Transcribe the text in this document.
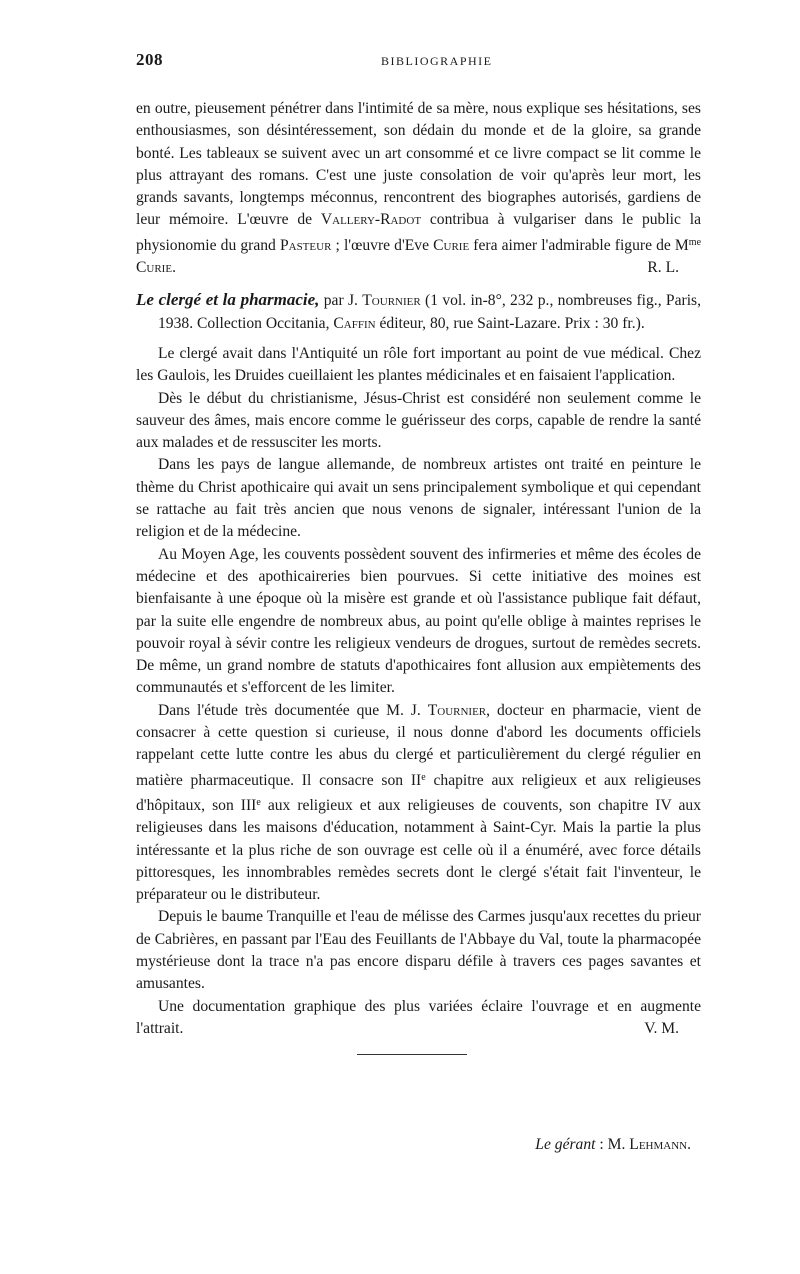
208	BIBLIOGRAPHIE

en outre, pieusement pénétrer dans l'intimité de sa mère, nous explique ses hésitations, ses enthousiasmes, son désintéressement, son dédain du monde et de la gloire, sa grande bonté. Les tableaux se suivent avec un art consommé et ce livre compact se lit comme le plus attrayant des romans. C'est une juste consolation de voir qu'après leur mort, les grands savants, longtemps méconnus, rencontrent des biographes autorisés, gardiens de leur mémoire. L'œuvre de Vallery-Radot contribua à vulgariser dans le public la physionomie du grand Pasteur ; l'œuvre d'Eve Curie fera aimer l'admirable figure de $M^{me}$ Curie.	R. L.

Le clergé et la pharmacie, par J. Tournier (1 vol. in-8°, 232 p., nombreuses fig., Paris, 1938. Collection Occitania, Caffin éditeur, 80, rue Saint-Lazare. Prix : 30 fr.).

Le clergé avait dans l'Antiquité un rôle fort important au point de vue médical. Chez les Gaulois, les Druides cueillaient les plantes médicinales et en faisaient l'application.

Dès le début du christianisme, Jésus-Christ est considéré non seulement comme le sauveur des âmes, mais encore comme le guérisseur des corps, capable de rendre la santé aux malades et de ressusciter les morts.

Dans les pays de langue allemande, de nombreux artistes ont traité en peinture le thème du Christ apothicaire qui avait un sens principalement symbolique et qui cependant se rattache au fait très ancien que nous venons de signaler, intéressant l'union de la religion et de la médecine.

Au Moyen Age, les couvents possèdent souvent des infirmeries et même des écoles de médecine et des apothicaireries bien pourvues. Si cette initiative des moines est bienfaisante à une époque où la misère est grande et où l'assistance publique fait défaut, par la suite elle engendre de nombreux abus, au point qu'elle oblige à maintes reprises le pouvoir royal à sévir contre les religieux vendeurs de drogues, surtout de remèdes secrets. De même, un grand nombre de statuts d'apothicaires font allusion aux empiètements des communautés et s'efforcent de les limiter.

Dans l'étude très documentée que M. J. Tournier, docteur en pharmacie, vient de consacrer à cette question si curieuse, il nous donne d'abord les documents officiels rappelant cette lutte contre les abus du clergé et particulièrement du clergé régulier en matière pharmaceutique. Il consacre son IIe chapitre aux religieux et aux religieuses d'hôpitaux, son IIIe aux religieux et aux religieuses de couvents, son chapitre IV aux religieuses dans les maisons d'éducation, notamment à Saint-Cyr. Mais la partie la plus intéressante et la plus riche de son ouvrage est celle où il a énuméré, avec force détails pittoresques, les innombrables remèdes secrets dont le clergé s'était fait l'inventeur, le préparateur ou le distributeur.

Depuis le baume Tranquille et l'eau de mélisse des Carmes jusqu'aux recettes du prieur de Cabrières, en passant par l'Eau des Feuillants de l'Abbaye du Val, toute la pharmacopée mystérieuse dont la trace n'a pas encore disparu défile à travers ces pages savantes et amusantes.

Une documentation graphique des plus variées éclaire l'ouvrage et en augmente l'attrait.	V. M.

Le gérant : M. Lehmann.
